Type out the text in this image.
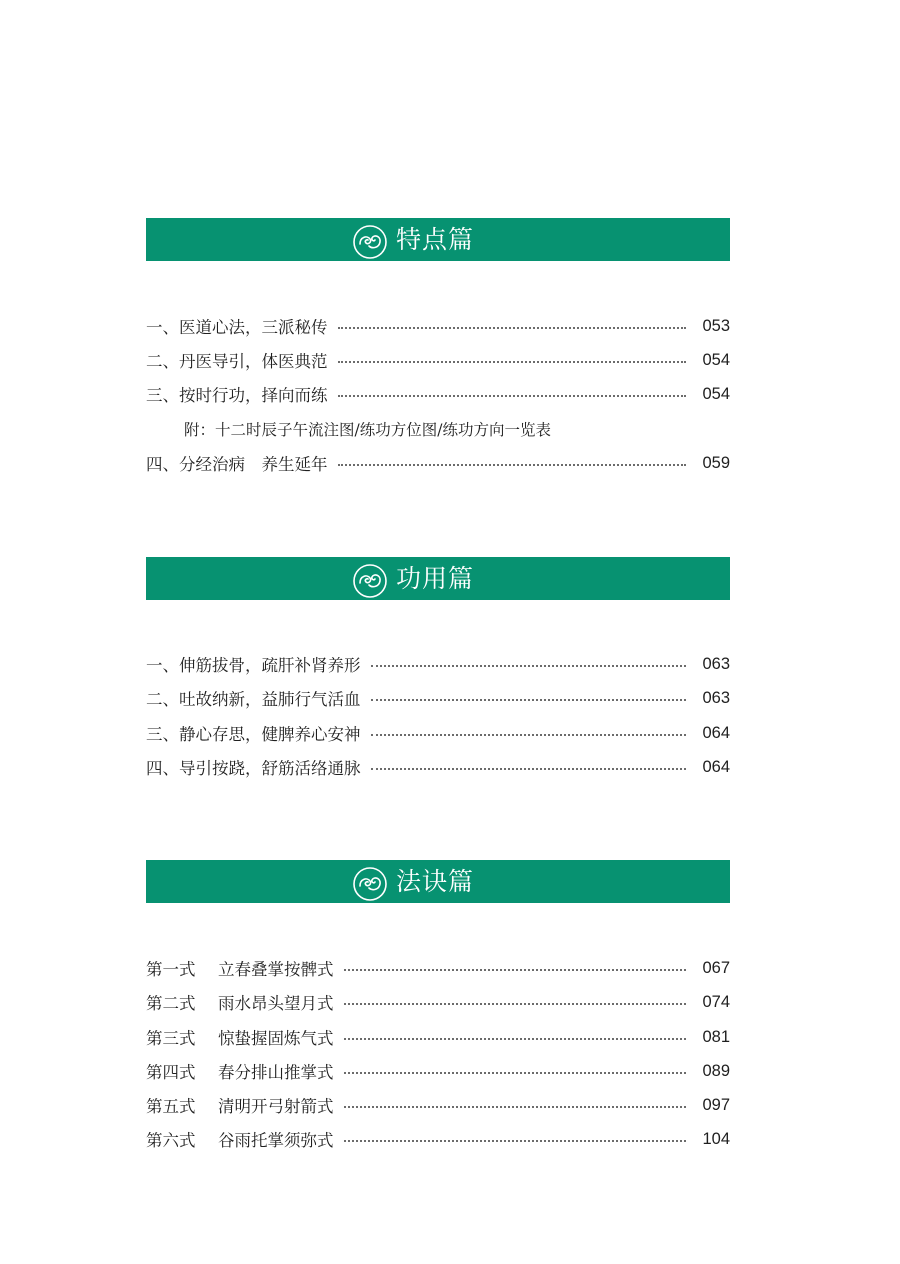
特点篇
一、医道心法，三派秘传	053
二、丹医导引，体医典范	054
三、按时行功，择向而练	054
附：十二时辰子午流注图/练功方位图/练功方向一览表
四、分经治病　养生延年	059
功用篇
一、伸筋拔骨，疏肝补肾养形	063
二、吐故纳新，益肺行气活血	063
三、静心存思，健脾养心安神	064
四、导引按跷，舒筋活络通脉	064
法诀篇
第一式	立春叠掌按髀式	067
第二式	雨水昂头望月式	074
第三式	惊蛰握固炼气式	081
第四式	春分排山推掌式	089
第五式	清明开弓射箭式	097
第六式	谷雨托掌须弥式	104
